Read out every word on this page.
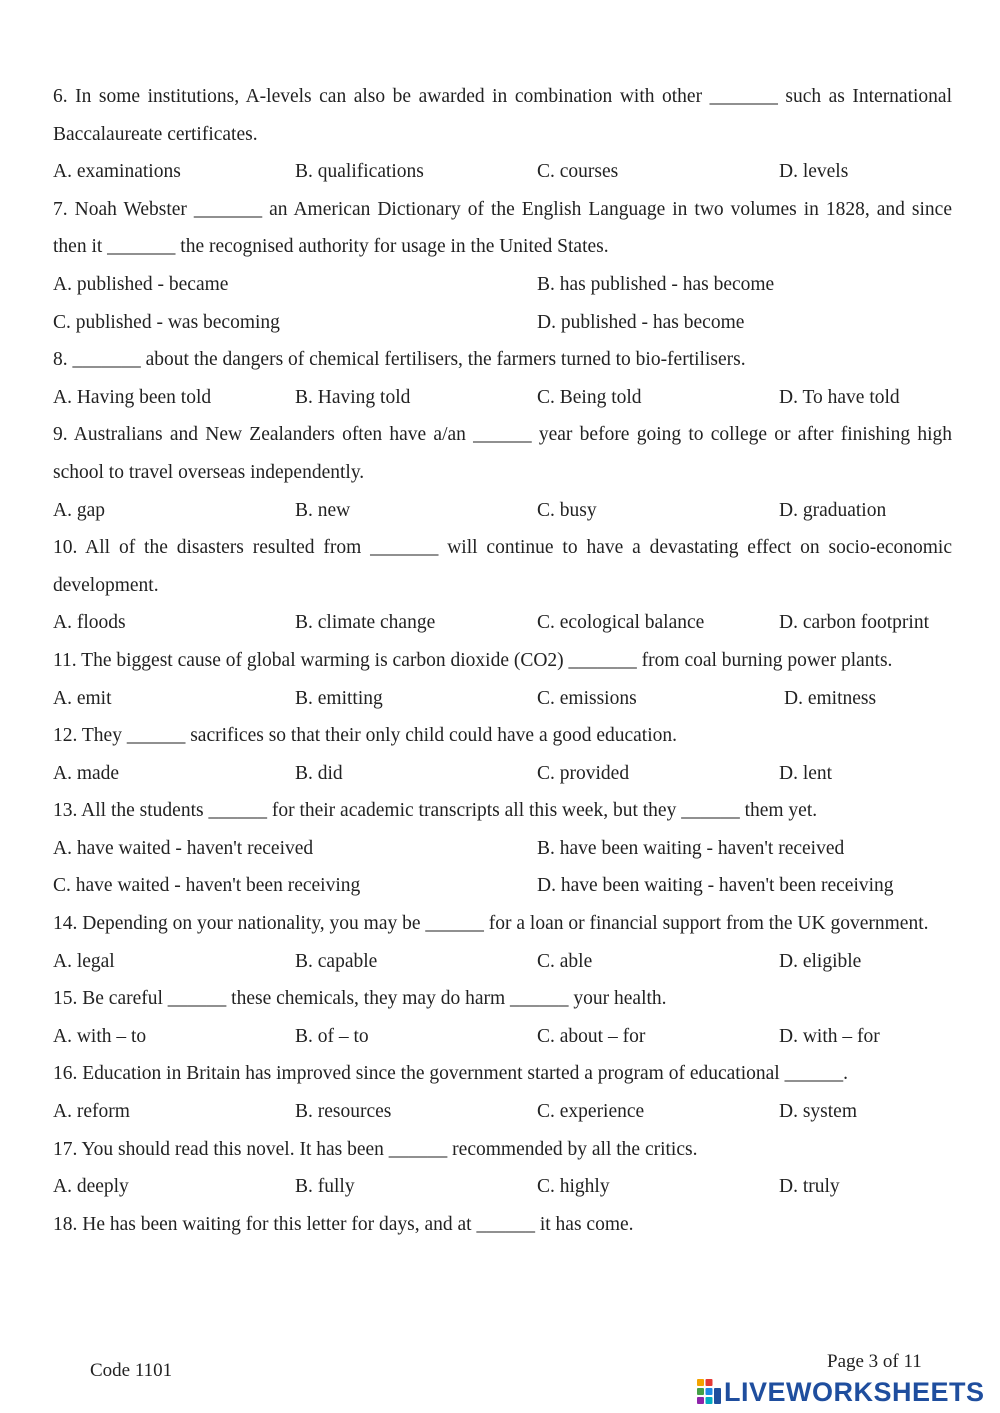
6. In some institutions, A-levels can also be awarded in combination with other _______ such as International Baccalaureate certificates.
A. examinations	B. qualifications	C. courses	D. levels
7. Noah Webster _______ an American Dictionary of the English Language in two volumes in 1828, and since then it _______ the recognised authority for usage in the United States.
A. published - became	B. has published - has become
C. published - was becoming	D. published - has become
8. _______ about the dangers of chemical fertilisers, the farmers turned to bio-fertilisers.
A. Having been told	B. Having told	C. Being told	D. To have told
9. Australians and New Zealanders often have a/an ______ year before going to college or after finishing high school to travel overseas independently.
A. gap	B. new	C. busy	D. graduation
10. All of the disasters resulted from _______ will continue to have a devastating effect on socio-economic development.
A. floods	B. climate change	C. ecological balance	D. carbon footprint
11. The biggest cause of global warming is carbon dioxide (CO2) _______ from coal burning power plants.
A. emit	B. emitting	C. emissions	D. emitness
12. They ______ sacrifices so that their only child could have a good education.
A. made	B. did	C. provided	D. lent
13. All the students ______ for their academic transcripts all this week, but they ______ them yet.
A. have waited - haven't received	B. have been waiting - haven't received
C. have waited - haven't been receiving	D. have been waiting - haven't been receiving
14. Depending on your nationality, you may be ______ for a loan or financial support from the UK government.
A. legal	B. capable	C. able	D. eligible
15. Be careful ______ these chemicals, they may do harm ______ your health.
A. with – to	B. of – to	C. about – for	D. with – for
16. Education in Britain has improved since the government started a program of educational ______.
A. reform	B. resources	C. experience	D. system
17. You should read this novel. It has been ______ recommended by all the critics.
A. deeply	B. fully	C. highly	D. truly
18. He has been waiting for this letter for days, and at ______ it has come.
Code 1101	Page 3 of 11
LIVEWORKSHEETS
